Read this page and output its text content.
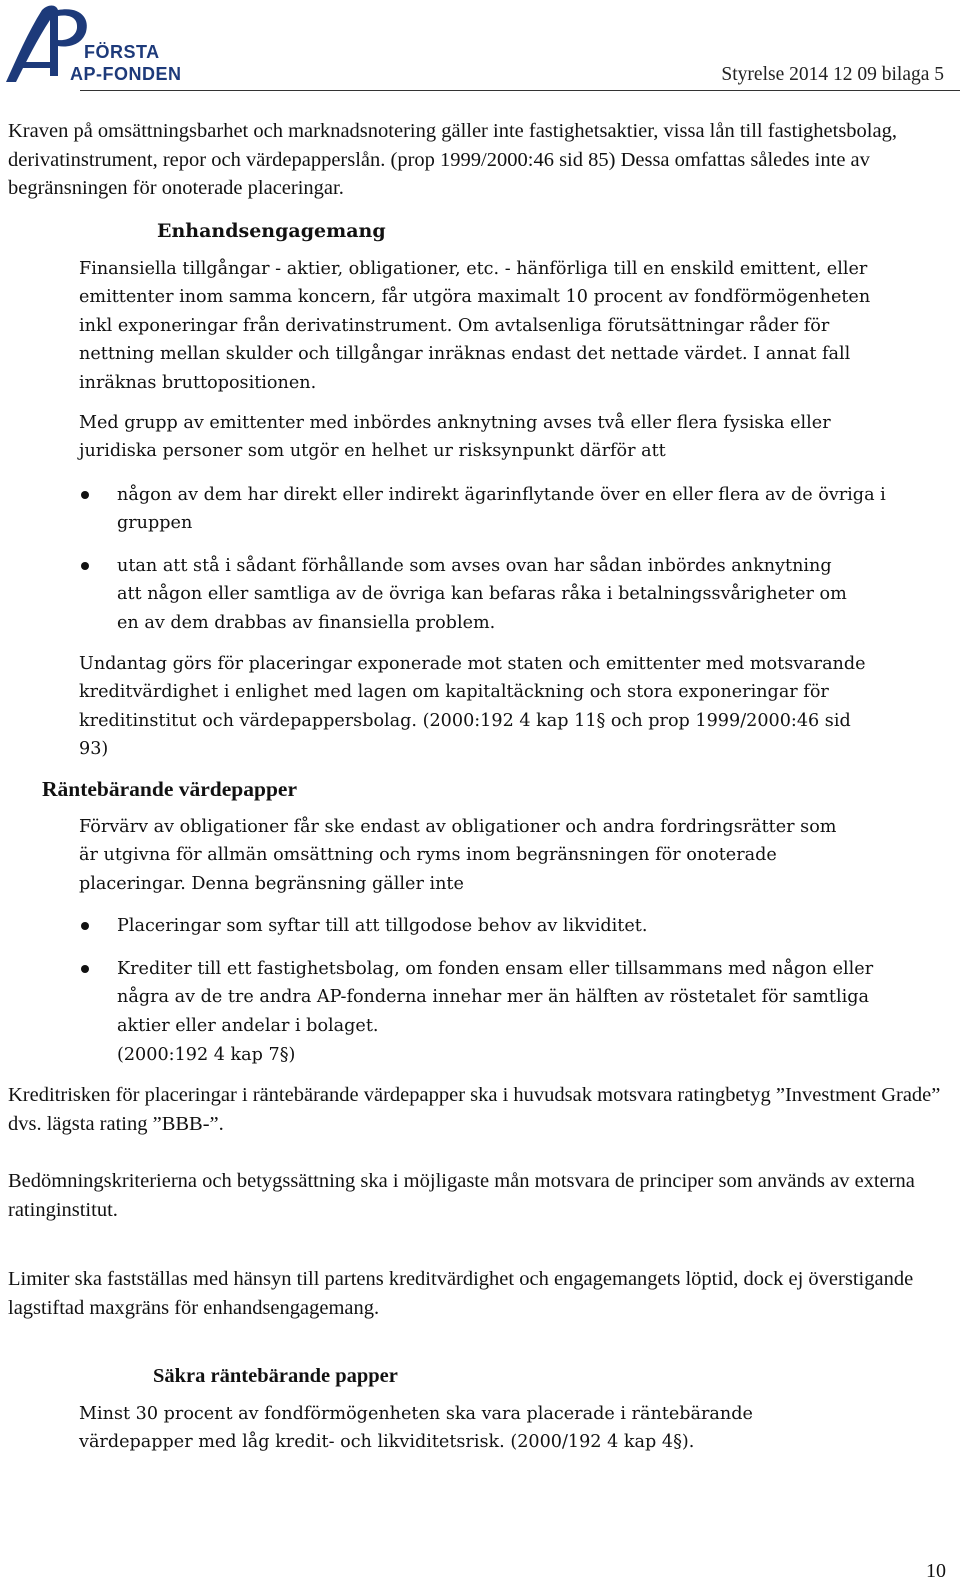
FÖRSTA
AP-FONDEN	Styrelse 2014 12 09 bilaga 5

Kraven på omsättningsbarhet och marknadsnotering gäller inte fastighetsaktier, vissa lån till fastighetsbolag, derivatinstrument, repor och värdepapperslån. (prop 1999/2000:46 sid 85) Dessa omfattas således inte av begränsningen för onoterade placeringar.

Enhandsengagemang

Finansiella tillgångar - aktier, obligationer, etc. - hänförliga till en enskild emittent, eller emittenter inom samma koncern, får utgöra maximalt 10 procent av fondförmögenheten inkl exponeringar från derivatinstrument. Om avtalsenliga förutsättningar råder för nettning mellan skulder och tillgångar inräknas endast det nettade värdet. I annat fall inräknas bruttopositionen.

Med grupp av emittenter med inbördes anknytning avses två eller flera fysiska eller juridiska personer som utgör en helhet ur risksynpunkt därför att

någon av dem har direkt eller indirekt ägarinflytande över en eller flera av de övriga i gruppen

utan att stå i sådant förhållande som avses ovan har sådan inbördes anknytning att någon eller samtliga av de övriga kan befaras råka i betalningssvårigheter om en av dem drabbas av finansiella problem.

Undantag görs för placeringar exponerade mot staten och emittenter med motsvarande kreditvärdighet i enlighet med lagen om kapitaltäckning och stora exponeringar för kreditinstitut och värdepappersbolag. (2000:192 4 kap 11§ och prop 1999/2000:46 sid 93)

Räntebärande värdepapper

Förvärv av obligationer får ske endast av obligationer och andra fordringsrätter som är utgivna för allmän omsättning och ryms inom begränsningen för onoterade placeringar. Denna begränsning gäller inte

Placeringar som syftar till att tillgodose behov av likviditet.

Krediter till ett fastighetsbolag, om fonden ensam eller tillsammans med någon eller några av de tre andra AP-fonderna innehar mer än hälften av röstetalet för samtliga aktier eller andelar i bolaget.

(2000:192 4 kap 7§)

Kreditrisken för placeringar i räntebärande värdepapper ska i huvudsak motsvara ratingbetyg ”Investment Grade” dvs. lägsta rating ”BBB-”.

Bedömningskriterierna och betygssättning ska i möjligaste mån motsvara de principer som används av externa ratinginstitut.

Limiter ska fastställas med hänsyn till partens kreditvärdighet och engagemangets löptid, dock ej överstigande lagstiftad maxgräns för enhandsengagemang.

Säkra räntebärande papper

Minst 30 procent av fondförmögenheten ska vara placerade i räntebärande värdepapper med låg kredit- och likviditetsrisk. (2000/192 4 kap 4§).

10
